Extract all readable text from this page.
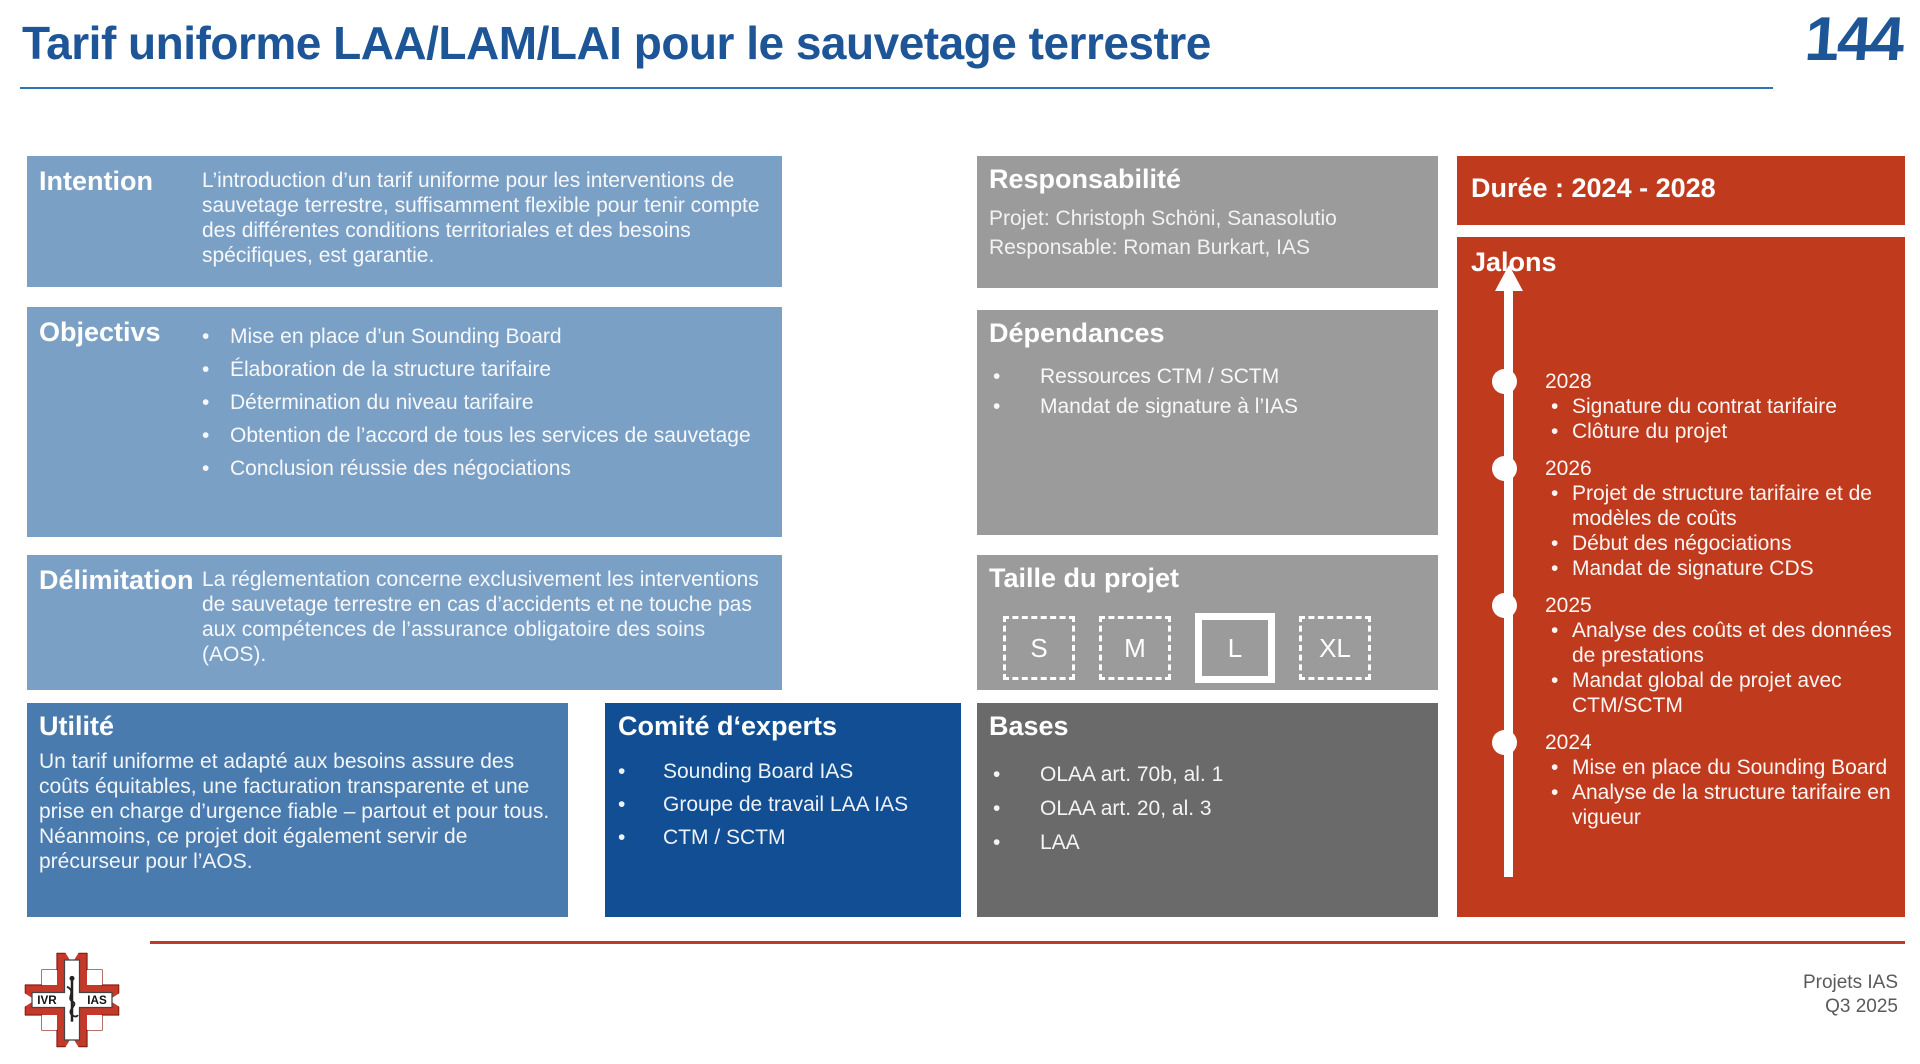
Tarif uniforme LAA/LAM/LAI pour le sauvetage terrestre	144
Intention L’introduction d’un tarif uniforme pour les interventions de sauvetage terrestre, suffisamment flexible pour tenir compte des différentes conditions territoriales et des besoins spécifiques, est garantie.
Objectivs • Mise en place d’un Sounding Board
• Élaboration de la structure tarifaire
• Détermination du niveau tarifaire
• Obtention de l’accord de tous les services de sauvetage
• Conclusion réussie des négociations
Délimitation La réglementation concerne exclusivement les interventions de sauvetage terrestre en cas d’accidents et ne touche pas aux compétences de l’assurance obligatoire des soins (AOS).
Utilité
Un tarif uniforme et adapté aux besoins assure des coûts équitables, une facturation transparente et une prise en charge d’urgence fiable – partout et pour tous. Néanmoins, ce projet doit également servir de précurseur pour l’AOS.
Comité d‘experts
•	Sounding Board IAS
•	Groupe de travail LAA IAS
•	CTM / SCTM
Responsabilité
Projet: Christoph Schöni, Sanasolutio
Responsable: Roman Burkart, IAS
Dépendances
•	Ressources CTM / SCTM
•	Mandat de signature à l’IAS
Taille du projet
S	M	L	XL
Bases
•	OLAA art. 70b, al. 1
•	OLAA art. 20, al. 3
•	LAA
Durée : 2024 - 2028
Jalons
2028
• Signature du contrat tarifaire
• Clôture du projet
2026
• Projet de structure tarifaire et de modèles de coûts
• Début des négociations
• Mandat de signature CDS
2025
• Analyse des coûts et des données de prestations
• Mandat global de projet avec CTM/SCTM
2024
• Mise en place du Sounding Board
• Analyse de la structure tarifaire en vigueur
IVR IAS
Projets IAS
Q3 2025
